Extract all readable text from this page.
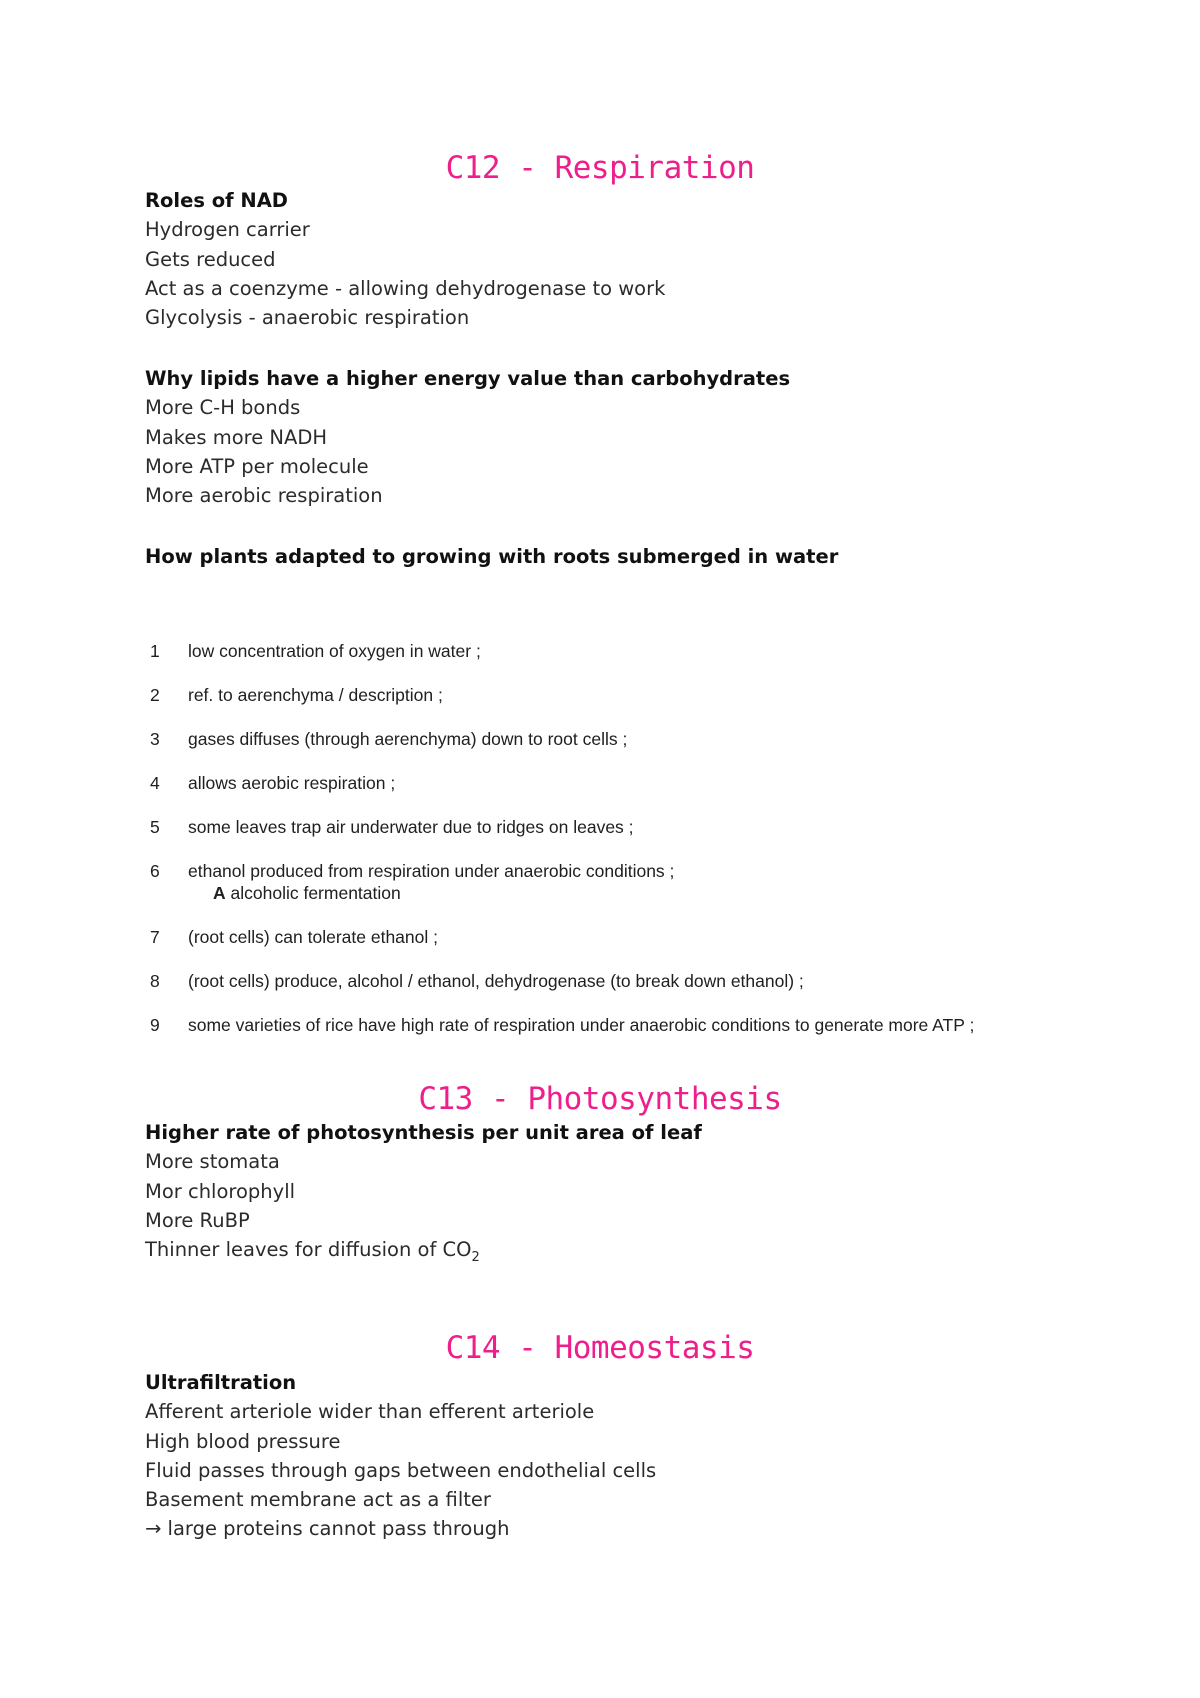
C12 - Respiration
Roles of NAD
Hydrogen carrier
Gets reduced
Act as a coenzyme - allowing dehydrogenase to work
Glycolysis - anaerobic respiration
Why lipids have a higher energy value than carbohydrates
More C-H bonds
Makes more NADH
More ATP per molecule
More aerobic respiration
How plants adapted to growing with roots submerged in water
1	low concentration of oxygen in water ;
2	ref. to aerenchyma / description ;
3	gases diffuses (through aerenchyma) down to root cells ;
4	allows aerobic respiration ;
5	some leaves trap air underwater due to ridges on leaves ;
6	ethanol produced from respiration under anaerobic conditions ;
A alcoholic fermentation
7	(root cells) can tolerate ethanol ;
8	(root cells) produce, alcohol / ethanol, dehydrogenase (to break down ethanol) ;
9	some varieties of rice have high rate of respiration under anaerobic conditions to generate more ATP ;
C13 - Photosynthesis
Higher rate of photosynthesis per unit area of leaf
More stomata
Mor chlorophyll
More RuBP
Thinner leaves for diffusion of $CO_2$
C14 - Homeostasis
Ultrafiltration
Afferent arteriole wider than efferent arteriole
High blood pressure
Fluid passes through gaps between endothelial cells
Basement membrane act as a filter
→ large proteins cannot pass through
